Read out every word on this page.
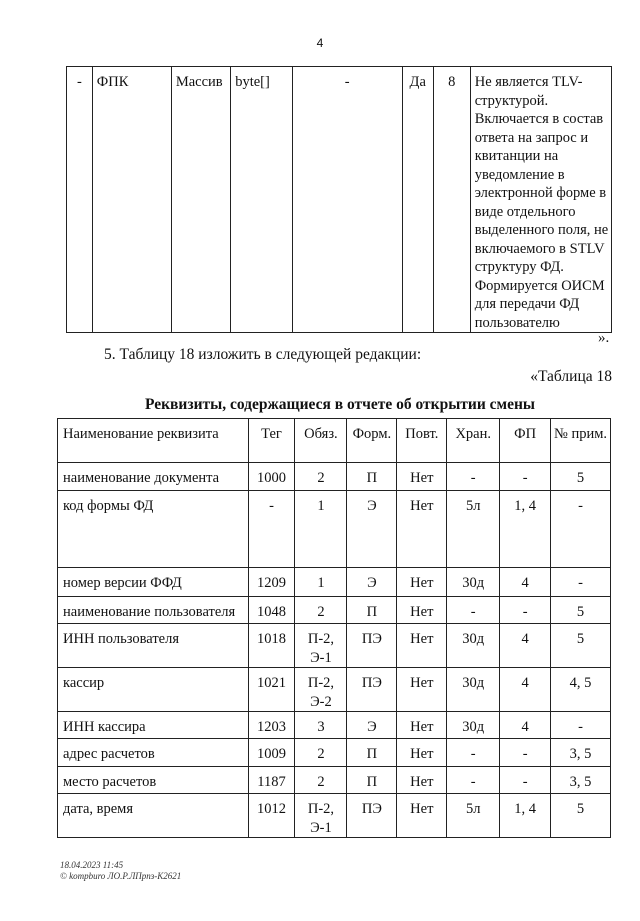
4
-	ФПК	Массив	byte[]	-	Да	8	Не является TLV-структурой. Включается в состав ответа на запрос и квитанции на уведомление в электронной форме в виде отдельного выделенного поля, не включаемого в STLV структуру ФД. Формируется ОИСМ для передачи ФД пользователю
».
5. Таблицу 18 изложить в следующей редакции:
«Таблица 18
Реквизиты, содержащиеся в отчете об открытии смены
Наименование реквизита	Тег	Обяз.	Форм.	Повт.	Хран.	ФП	№ прим.
наименование документа	1000	2	П	Нет	-	-	5
код формы ФД	-	1	Э	Нет	5л	1, 4	-
номер версии ФФД	1209	1	Э	Нет	30д	4	-
наименование пользователя	1048	2	П	Нет	-	-	5
ИНН пользователя	1018	П-2, Э-1	ПЭ	Нет	30д	4	5
кассир	1021	П-2, Э-2	ПЭ	Нет	30д	4	4, 5
ИНН кассира	1203	3	Э	Нет	30д	4	-
адрес расчетов	1009	2	П	Нет	-	-	3, 5
место расчетов	1187	2	П	Нет	-	-	3, 5
дата, время	1012	П-2, Э-1	ПЭ	Нет	5л	1, 4	5
18.04.2023 11:45
© kompburo ЛО.Р.ЛПрпз-К2621
